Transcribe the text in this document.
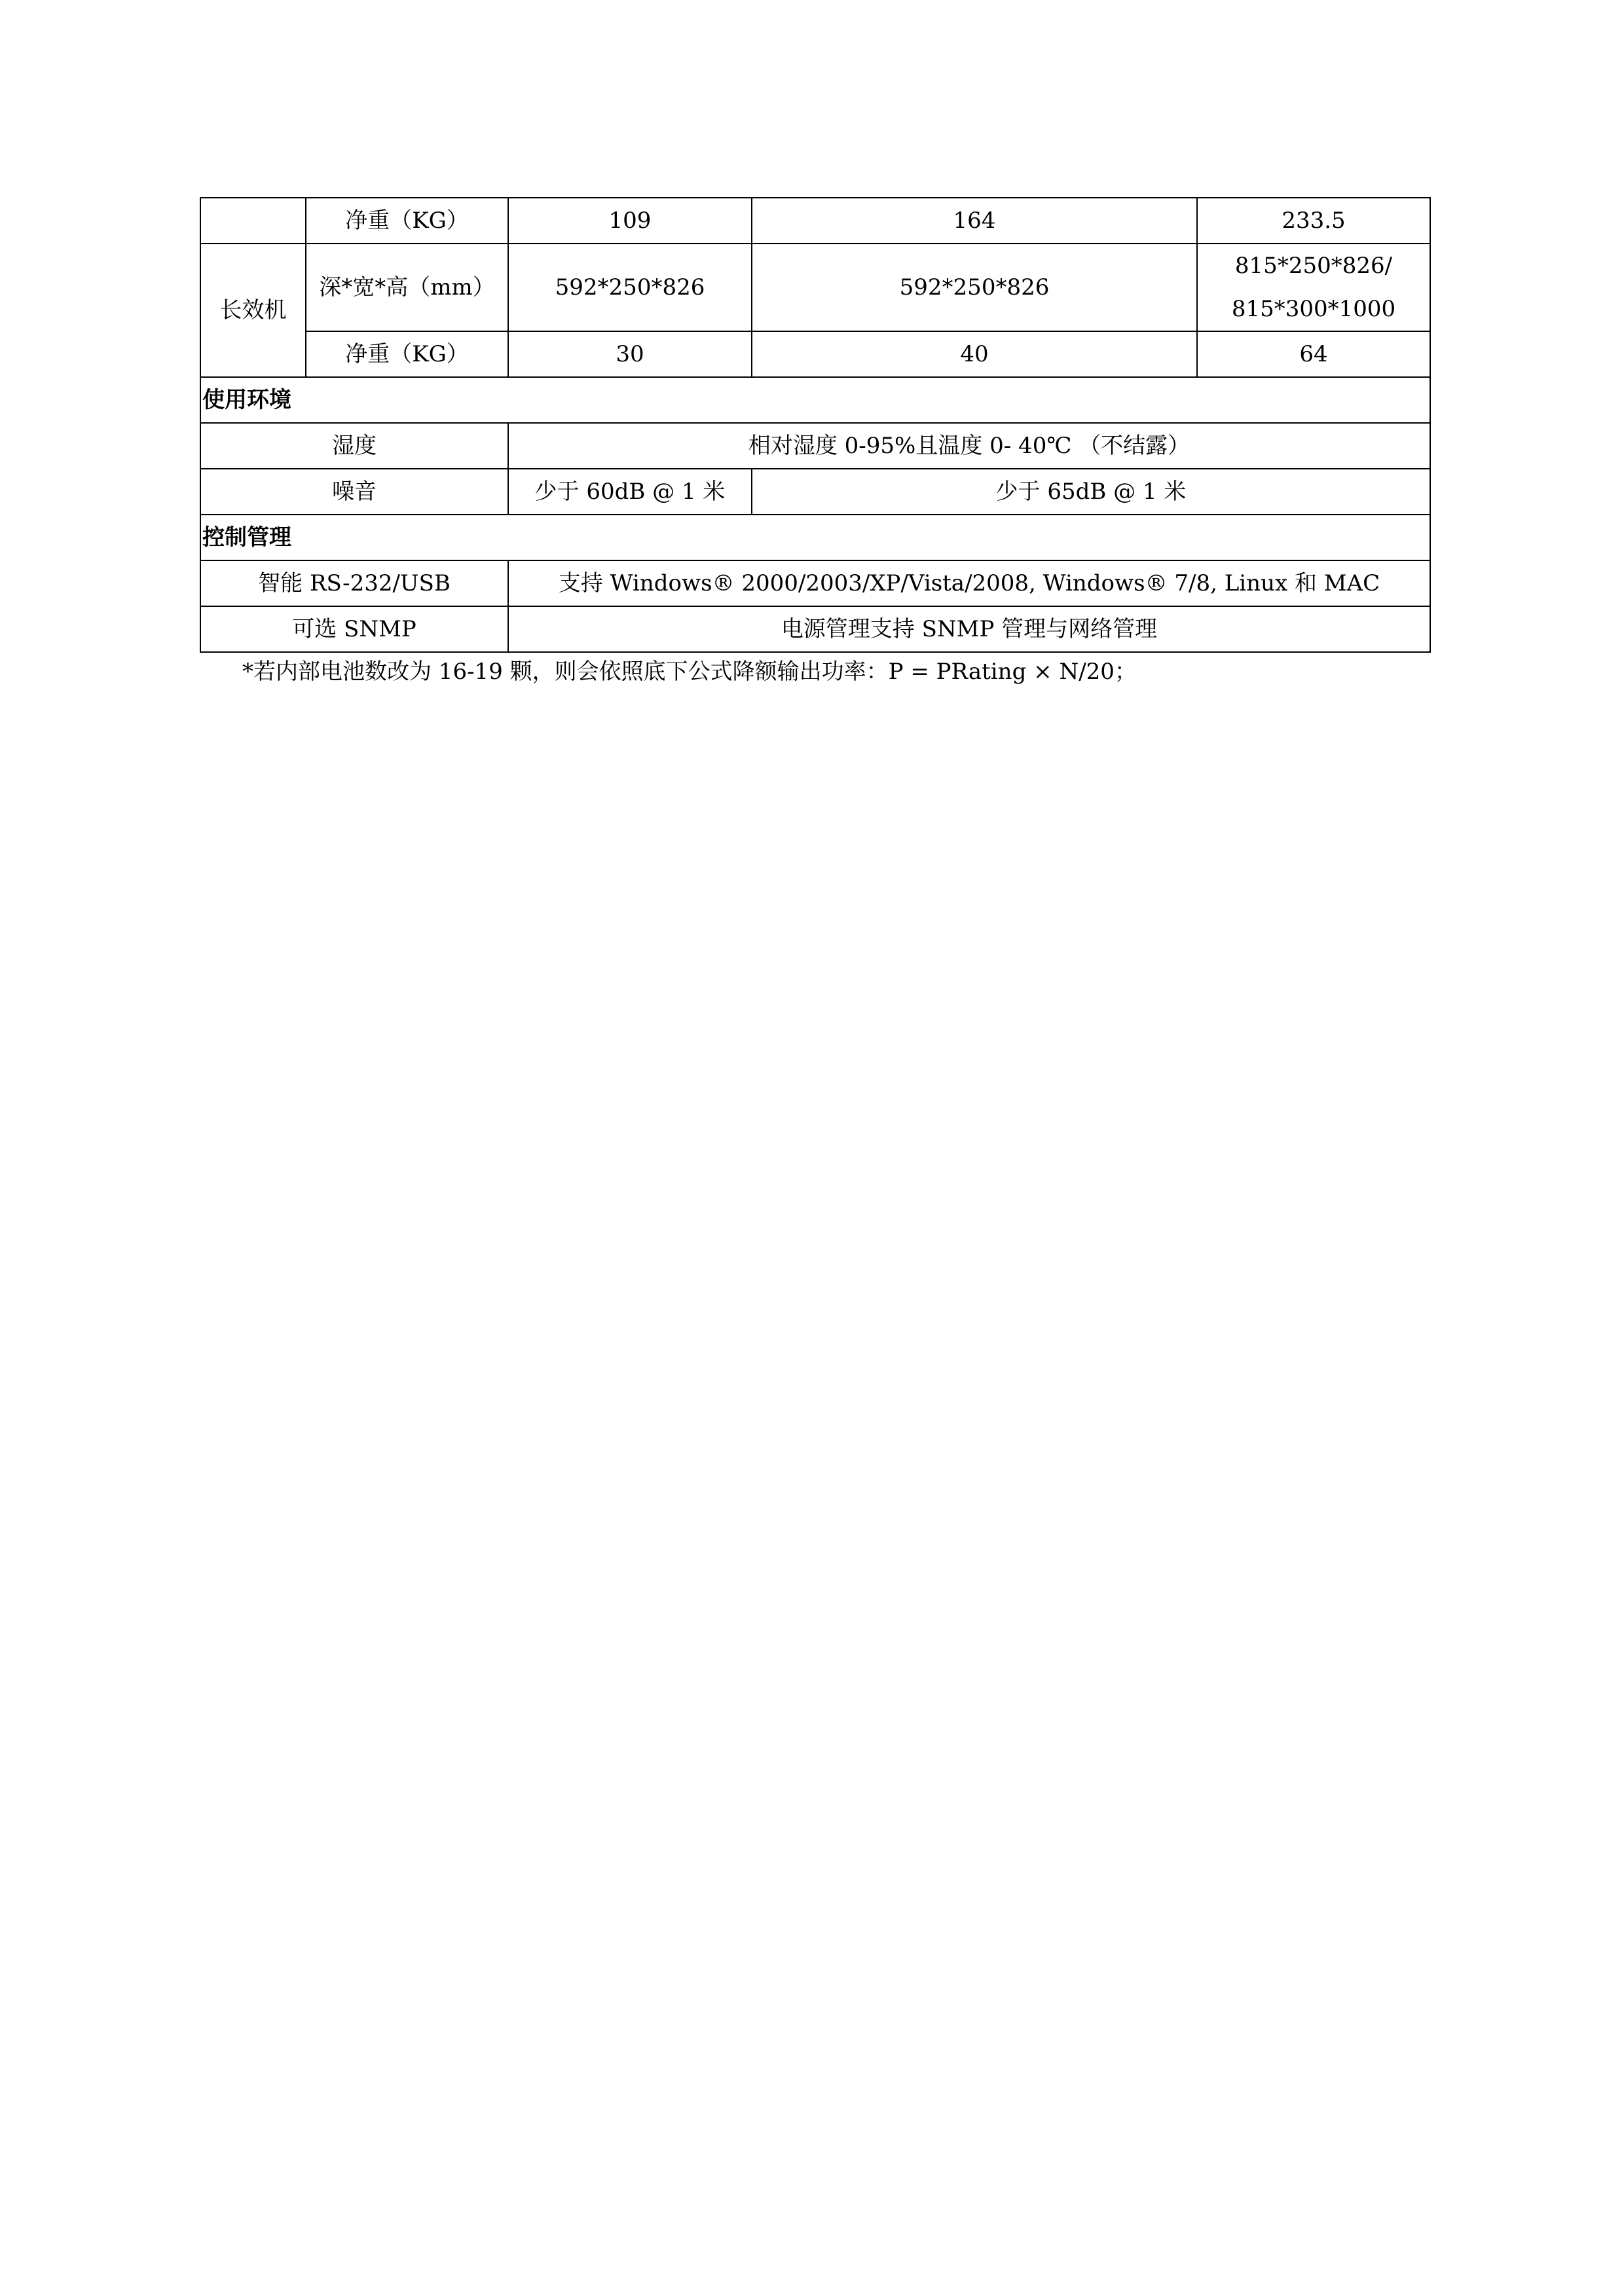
	净重（KG）	109	164	233.5
长效机	深*宽*高（mm）	592*250*826	592*250*826	815*250*826/
815*300*1000

	净重（KG）	30	40	64
使用环境				
湿度		相对湿度 0-95%且温度 0- 40℃ （不结露）		
噪音		少于 60dB @ 1 米	少于 65dB @ 1 米	
控制管理				
智能 RS-232/USB		支持 Windows® 2000/2003/XP/Vista/2008, Windows® 7/8, Linux 和 MAC		
可选 SNMP		电源管理支持 SNMP 管理与网络管理		
*若内部电池数改为 16-19 颗，则会依照底下公式降额输出功率：P = PRating × N/20；
